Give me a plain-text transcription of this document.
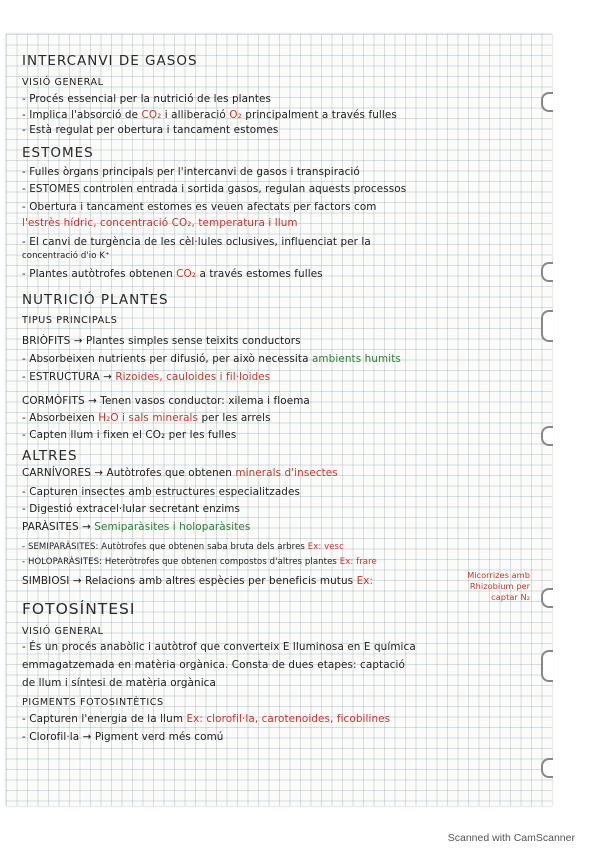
INTERCANVI DE GASOS
VISIÓ GENERAL
- Procés essencial per la nutrició de les plantes
- Implica l'absorció de CO₂ i alliberació O₂ principalment a través fulles
- Està regulat per obertura i tancament estomes
ESTOMES
- Fulles òrgans principals per l'intercanvi de gasos i transpiració
- ESTOMES controlen entrada i sortida gasos, regulan aquests processos
- Obertura i tancament estomes es veuen afectats per factors com
l'estrès hídric, concentració CO₂, temperatura i llum
- El canvi de turgència de les cèl·lules oclusives, influenciat per la
concentració d'io K⁺
- Plantes autòtrofes obtenen CO₂ a través estomes fulles
NUTRICIÓ PLANTES
TIPUS PRINCIPALS
BRIÒFITS → Plantes simples sense teixits conductors
- Absorbeixen nutrients per difusió, per això necessita ambients humits
- ESTRUCTURA → Rizoides, cauloides i fil·loides
CORMÒFITS → Tenen vasos conductor: xilema i floema
- Absorbeixen H₂O i sals minerals per les arrels
- Capten llum i fixen el CO₂ per les fulles
ALTRES
CARNÍVORES → Autòtrofes que obtenen minerals d'insectes
- Capturen insectes amb estructures especialitzades
- Digestió extracel·lular secretant enzims
PARÀSITES → Semiparàsites i holoparàsites
- SEMIPARÀSITES: Autòtrofes que obtenen saba bruta dels arbres Ex: vesc
- HOLOPARÀSITES: Heteròtrofes que obtenen compostos d'altres plantes Ex: frare
SIMBIOSI → Relacions amb altres espècies per beneficis mutus Ex:	Micorrizes amb
Rhizobium per
captar N₂
FOTOSÍNTESI
VISIÓ GENERAL
- És un procés anabòlic i autòtrof que converteix E lluminosa en E química
emmagatzemada en matèria orgànica. Consta de dues etapes: captació
de llum i síntesi de matèria orgànica
PIGMENTS FOTOSINTÈTICS
- Capturen l'energia de la llum Ex: clorofil·la, carotenoides, ficobilines
- Clorofil·la → Pigment verd més comú
Scanned with CamScanner
